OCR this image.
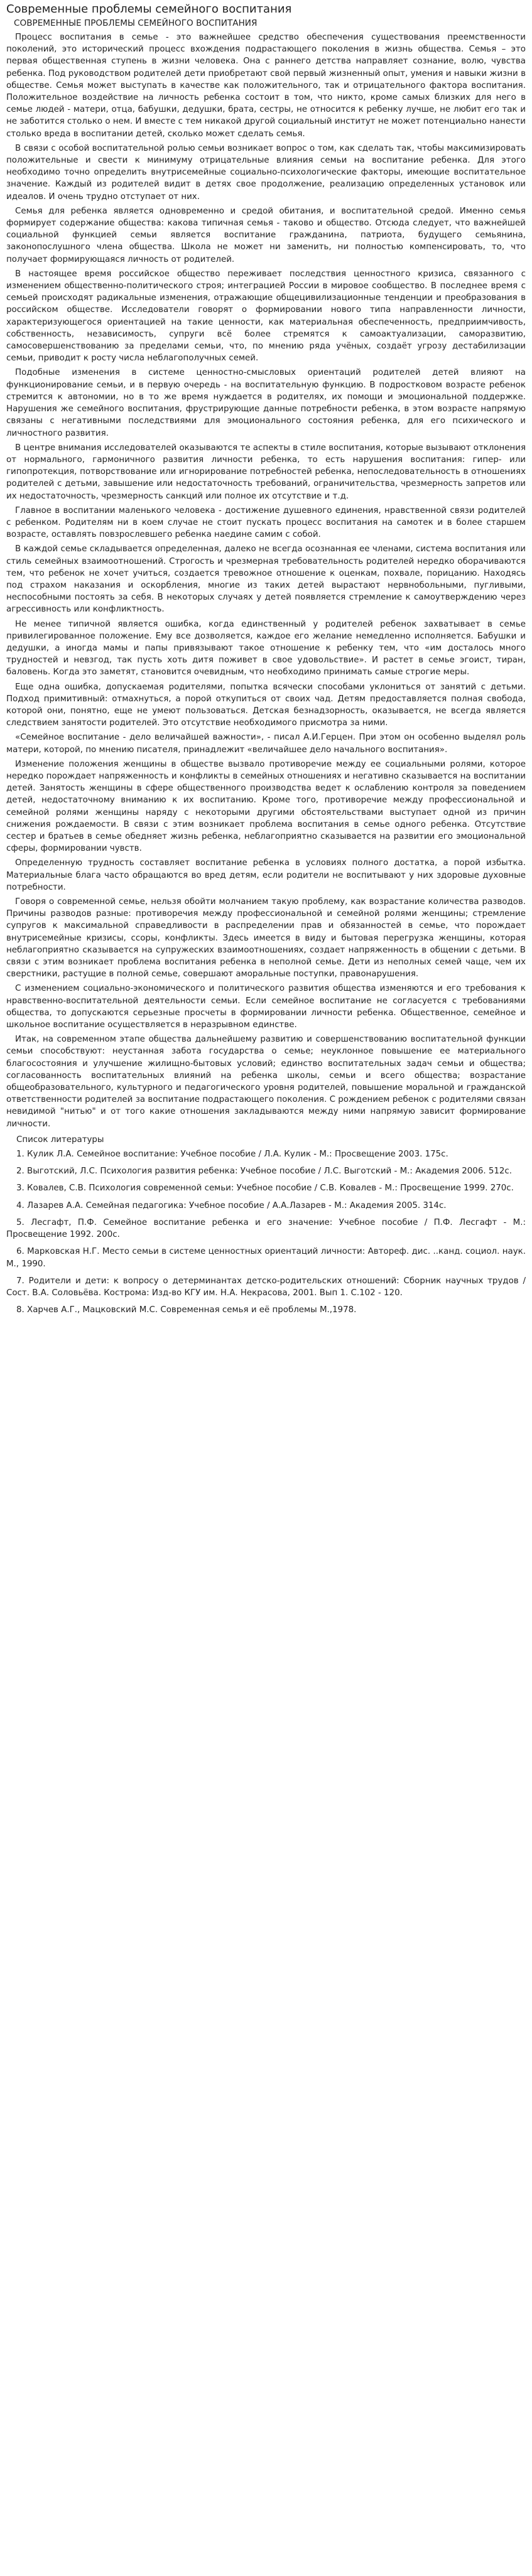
Современные проблемы семейного воспитания
СОВРЕМЕННЫЕ ПРОБЛЕМЫ СЕМЕЙНОГО ВОСПИТАНИЯ

Процесс воспитания в семье - это важнейшее средство обеспечения существования преемственности поколений, это исторический процесс вхождения подрастающего поколения в жизнь общества. Семья – это первая общественная ступень в жизни человека. Она с раннего детства направляет сознание, волю, чувства ребенка. Под руководством родителей дети приобретают свой первый жизненный опыт, умения и навыки жизни в обществе. Семья может выступать в качестве как положительного, так и отрицательного фактора воспитания. Положительное воздействие на личность ребенка состоит в том, что никто, кроме самых близких для него в семье людей - матери, отца, бабушки, дедушки, брата, сестры, не относится к ребенку лучше, не любит его так и не заботится столько о нем. И вместе с тем никакой другой социальный институт не может потенциально нанести столько вреда в воспитании детей, сколько может сделать семья.

В связи с особой воспитательной ролью семьи возникает вопрос о том, как сделать так, чтобы максимизировать положительные и свести к минимуму отрицательные влияния семьи на воспитание ребенка. Для этого необходимо точно определить внутрисемейные социально-психологические факторы, имеющие воспитательное значение. Каждый из родителей видит в детях свое продолжение, реализацию определенных установок или идеалов. И очень трудно отступает от них.

Семья для ребенка является одновременно и средой обитания, и воспитательной средой. Именно семья формирует содержание общества: какова типичная семья - таково и общество. Отсюда следует, что важнейшей социальной функцией семьи является воспитание гражданина, патриота, будущего семьянина, законопослушного члена общества. Школа не может ни заменить, ни полностью компенсировать, то, что получает формирующаяся личность от родителей.

В настоящее время российское общество переживает последствия ценностного кризиса, связанного с изменением общественно-политического строя; интеграцией России в мировое сообщество. В последнее время с семьей происходят радикальные изменения, отражающие общецивилизационные тенденции и преобразования в российском обществе. Исследователи говорят о формировании нового типа направленности личности, характеризующегося ориентацией на такие ценности, как материальная обеспеченность, предприимчивость, собственность, независимость, супруги всё более стремятся к самоактуализации, саморазвитию, самосовершенствованию за пределами семьи, что, по мнению ряда учёных, создаёт угрозу дестабилизации семьи, приводит к росту числа неблагополучных семей.

Подобные изменения в системе ценностно-смысловых ориентаций родителей детей влияют на функционирование семьи, и в первую очередь - на воспитательную функцию. В подростковом возрасте ребенок стремится к автономии, но в то же время нуждается в родителях, их помощи и эмоциональной поддержке. Нарушения же семейного воспитания, фрустрирующие данные потребности ребенка, в этом возрасте напрямую связаны с негативными последствиями для эмоционального состояния ребенка, для его психического и личностного развития.

В центре внимания исследователей оказываются те аспекты в стиле воспитания, которые вызывают отклонения от нормального, гармоничного развития личности ребенка, то есть нарушения воспитания: гипер- или гипопротекция, потворствование или игнорирование потребностей ребенка, непоследовательность в отношениях родителей с детьми, завышение или недостаточность требований, ограничительства, чрезмерность запретов или их недостаточность, чрезмерность санкций или полное их отсутствие и т.д.

Главное в воспитании маленького человека - достижение душевного единения, нравственной связи родителей с ребенком. Родителям ни в коем случае не стоит пускать процесс воспитания на самотек и в более старшем возрасте, оставлять повзрослевшего ребенка наедине самим с собой.

В каждой семье складывается определенная, далеко не всегда осознанная ее членами, система воспитания или стиль семейных взаимоотношений. Строгость и чрезмерная требовательность родителей нередко оборачиваются тем, что ребенок не хочет учиться, создается тревожное отношение к оценкам, похвале, порицанию. Находясь под страхом наказания и оскорбления, многие из таких детей вырастают нервнобольными, пугливыми, неспособными постоять за себя. В некоторых случаях у детей появляется стремление к самоутверждению через агрессивность или конфликтность.

Не менее типичной является ошибка, когда единственный у родителей ребенок захватывает в семье привилегированное положение. Ему все дозволяется, каждое его желание немедленно исполняется. Бабушки и дедушки, а иногда мамы и папы привязывают такое отношение к ребенку тем, что «им досталось много трудностей и невзгод, так пусть хоть дитя поживет в свое удовольствие». И растет в семье эгоист, тиран, баловень. Когда это заметят, становится очевидным, что необходимо принимать самые строгие меры.

Еще одна ошибка, допускаемая родителями, попытка всячески способами уклониться от занятий с детьми. Подход примитивный: отмахнуться, а порой откупиться от своих чад. Детям предоставляется полная свобода, которой они, понятно, еще не умеют пользоваться. Детская безнадзорность, оказывается, не всегда является следствием занятости родителей. Это отсутствие необходимого присмотра за ними.

«Семейное воспитание - дело величайшей важности», - писал А.И.Герцен. При этом он особенно выделял роль матери, которой, по мнению писателя, принадлежит «величайшее дело начального воспитания».

Изменение положения женщины в обществе вызвало противоречие между ее социальными ролями, которое нередко порождает напряженность и конфликты в семейных отношениях и негативно сказывается на воспитании детей. Занятость женщины в сфере общественного производства ведет к ослаблению контроля за поведением детей, недостаточному вниманию к их воспитанию. Кроме того, противоречие между профессиональной и семейной ролями женщины наряду с некоторыми другими обстоятельствами выступает одной из причин снижения рождаемости. В связи с этим возникает проблема воспитания в семье одного ребенка. Отсутствие сестер и братьев в семье обедняет жизнь ребенка, неблагоприятно сказывается на развитии его эмоциональной сферы, формировании чувств.

Определенную трудность составляет воспитание ребенка в условиях полного достатка, а порой избытка. Материальные блага часто обращаются во вред детям, если родители не воспитывают у них здоровые духовные потребности.

Говоря о современной семье, нельзя обойти молчанием такую проблему, как возрастание количества разводов. Причины разводов разные: противоречия между профессиональной и семейной ролями женщины; стремление супругов к максимальной справедливости в распределении прав и обязанностей в семье, что порождает внутрисемейные кризисы, ссоры, конфликты. Здесь имеется в виду и бытовая перегрузка женщины, которая неблагоприятно сказывается на супружеских взаимоотношениях, создает напряженность в общении с детьми. В связи с этим возникает проблема воспитания ребенка в неполной семье. Дети из неполных семей чаще, чем их сверстники, растущие в полной семье, совершают аморальные поступки, правонарушения.

С изменением социально-экономического и политического развития общества изменяются и его требования к нравственно-воспитательной деятельности семьи. Если семейное воспитание не согласуется с требованиями общества, то допускаются серьезные просчеты в формировании личности ребенка. Общественное, семейное и школьное воспитание осуществляется в неразрывном единстве.

Итак, на современном этапе общества дальнейшему развитию и совершенствованию воспитательной функции семьи способствуют: неустанная забота государства о семье; неуклонное повышение ее материального благосостояния и улучшение жилищно-бытовых условий; единство воспитательных задач семьи и общества; согласованность воспитательных влияний на ребенка школы, семьи и всего общества; возрастание общеобразовательного, культурного и педагогического уровня родителей, повышение моральной и гражданской ответственности родителей за воспитание подрастающего поколения. С рождением ребенок с родителями связан невидимой "нитью" и от того какие отношения закладываются между ними напрямую зависит формирование личности.

Список литературы

1. Кулик Л.А. Семейное воспитание: Учебное пособие / Л.А. Кулик - М.: Просвещение 2003. 175с.

2. Выготский, Л.С. Психология развития ребенка: Учебное пособие / Л.С. Выготский - М.: Академия 2006. 512с.

3. Ковалев, С.В. Психология современной семьи: Учебное пособие / С.В. Ковалев - М.: Просвещение 1999. 270с.

4. Лазарев А.А. Семейная педагогика: Учебное пособие / А.А.Лазарев - М.: Академия 2005. 314с.

5. Лесгафт, П.Ф. Семейное воспитание ребенка и его значение: Учебное пособие / П.Ф. Лесгафт - М.: Просвещение 1992. 200с.

6. Марковская Н.Г. Место семьи в системе ценностных ориентаций личности: Автореф. дис. ..канд. социол. наук. М., 1990.

7. Родители и дети: к вопросу о детерминантах детско-родительских отношений: Сборник научных трудов / Сост. В.А. Соловьёва. Кострома: Изд-во КГУ им. Н.А. Некрасова, 2001. Вып 1. С.102 - 120.

8. Харчев А.Г., Мацковский М.С. Современная семья и её проблемы М.,1978.
